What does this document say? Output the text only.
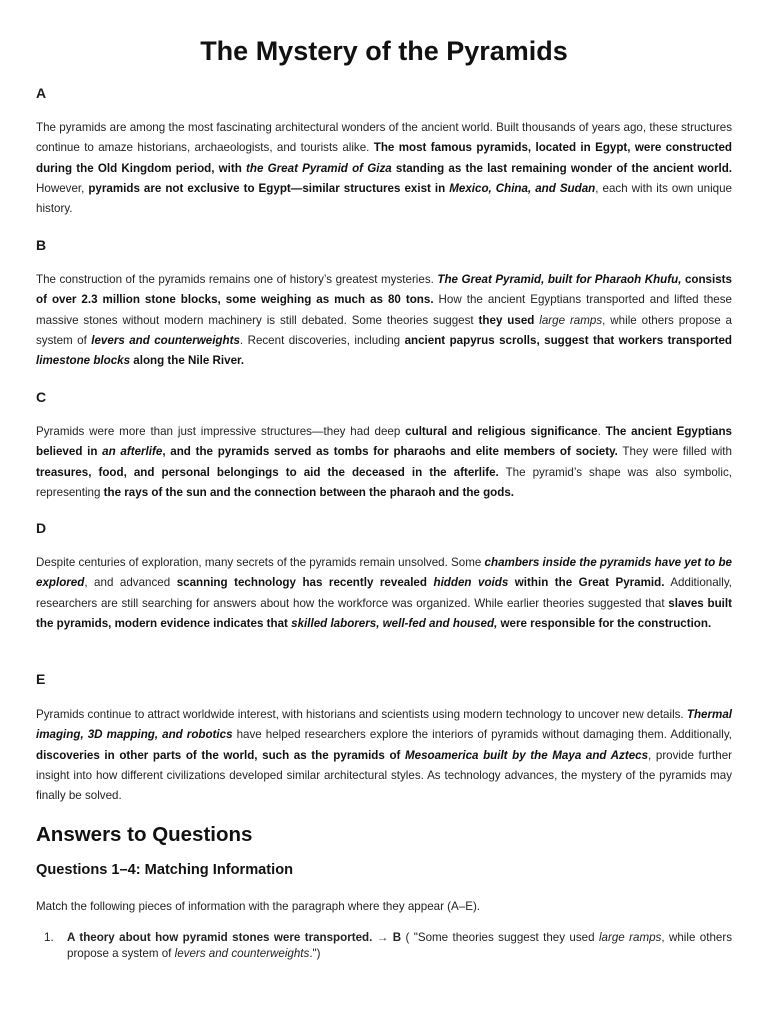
The Mystery of the Pyramids
A

The pyramids are among the most fascinating architectural wonders of the ancient world. Built thousands of years ago, these structures continue to amaze historians, archaeologists, and tourists alike. The most famous pyramids, located in Egypt, were constructed during the Old Kingdom period, with the Great Pyramid of Giza standing as the last remaining wonder of the ancient world. However, pyramids are not exclusive to Egypt—similar structures exist in Mexico, China, and Sudan, each with its own unique history.

B

The construction of the pyramids remains one of history’s greatest mysteries. The Great Pyramid, built for Pharaoh Khufu, consists of over 2.3 million stone blocks, some weighing as much as 80 tons. How the ancient Egyptians transported and lifted these massive stones without modern machinery is still debated. Some theories suggest they used large ramps, while others propose a system of levers and counterweights. Recent discoveries, including ancient papyrus scrolls, suggest that workers transported limestone blocks along the Nile River.

C

Pyramids were more than just impressive structures—they had deep cultural and religious significance. The ancient Egyptians believed in an afterlife, and the pyramids served as tombs for pharaohs and elite members of society. They were filled with treasures, food, and personal belongings to aid the deceased in the afterlife. The pyramid’s shape was also symbolic, representing the rays of the sun and the connection between the pharaoh and the gods.

D

Despite centuries of exploration, many secrets of the pyramids remain unsolved. Some chambers inside the pyramids have yet to be explored, and advanced scanning technology has recently revealed hidden voids within the Great Pyramid. Additionally, researchers are still searching for answers about how the workforce was organized. While earlier theories suggested that slaves built the pyramids, modern evidence indicates that skilled laborers, well-fed and housed, were responsible for the construction.

E

Pyramids continue to attract worldwide interest, with historians and scientists using modern technology to uncover new details. Thermal imaging, 3D mapping, and robotics have helped researchers explore the interiors of pyramids without damaging them. Additionally, discoveries in other parts of the world, such as the pyramids of Mesoamerica built by the Maya and Aztecs, provide further insight into how different civilizations developed similar architectural styles. As technology advances, the mystery of the pyramids may finally be solved.

Answers to Questions
Questions 1–4: Matching Information

Match the following pieces of information with the paragraph where they appear (A–E).

1. A theory about how pyramid stones were transported. → B ( "Some theories suggest they used large ramps, while others propose a system of levers and counterweights.")
